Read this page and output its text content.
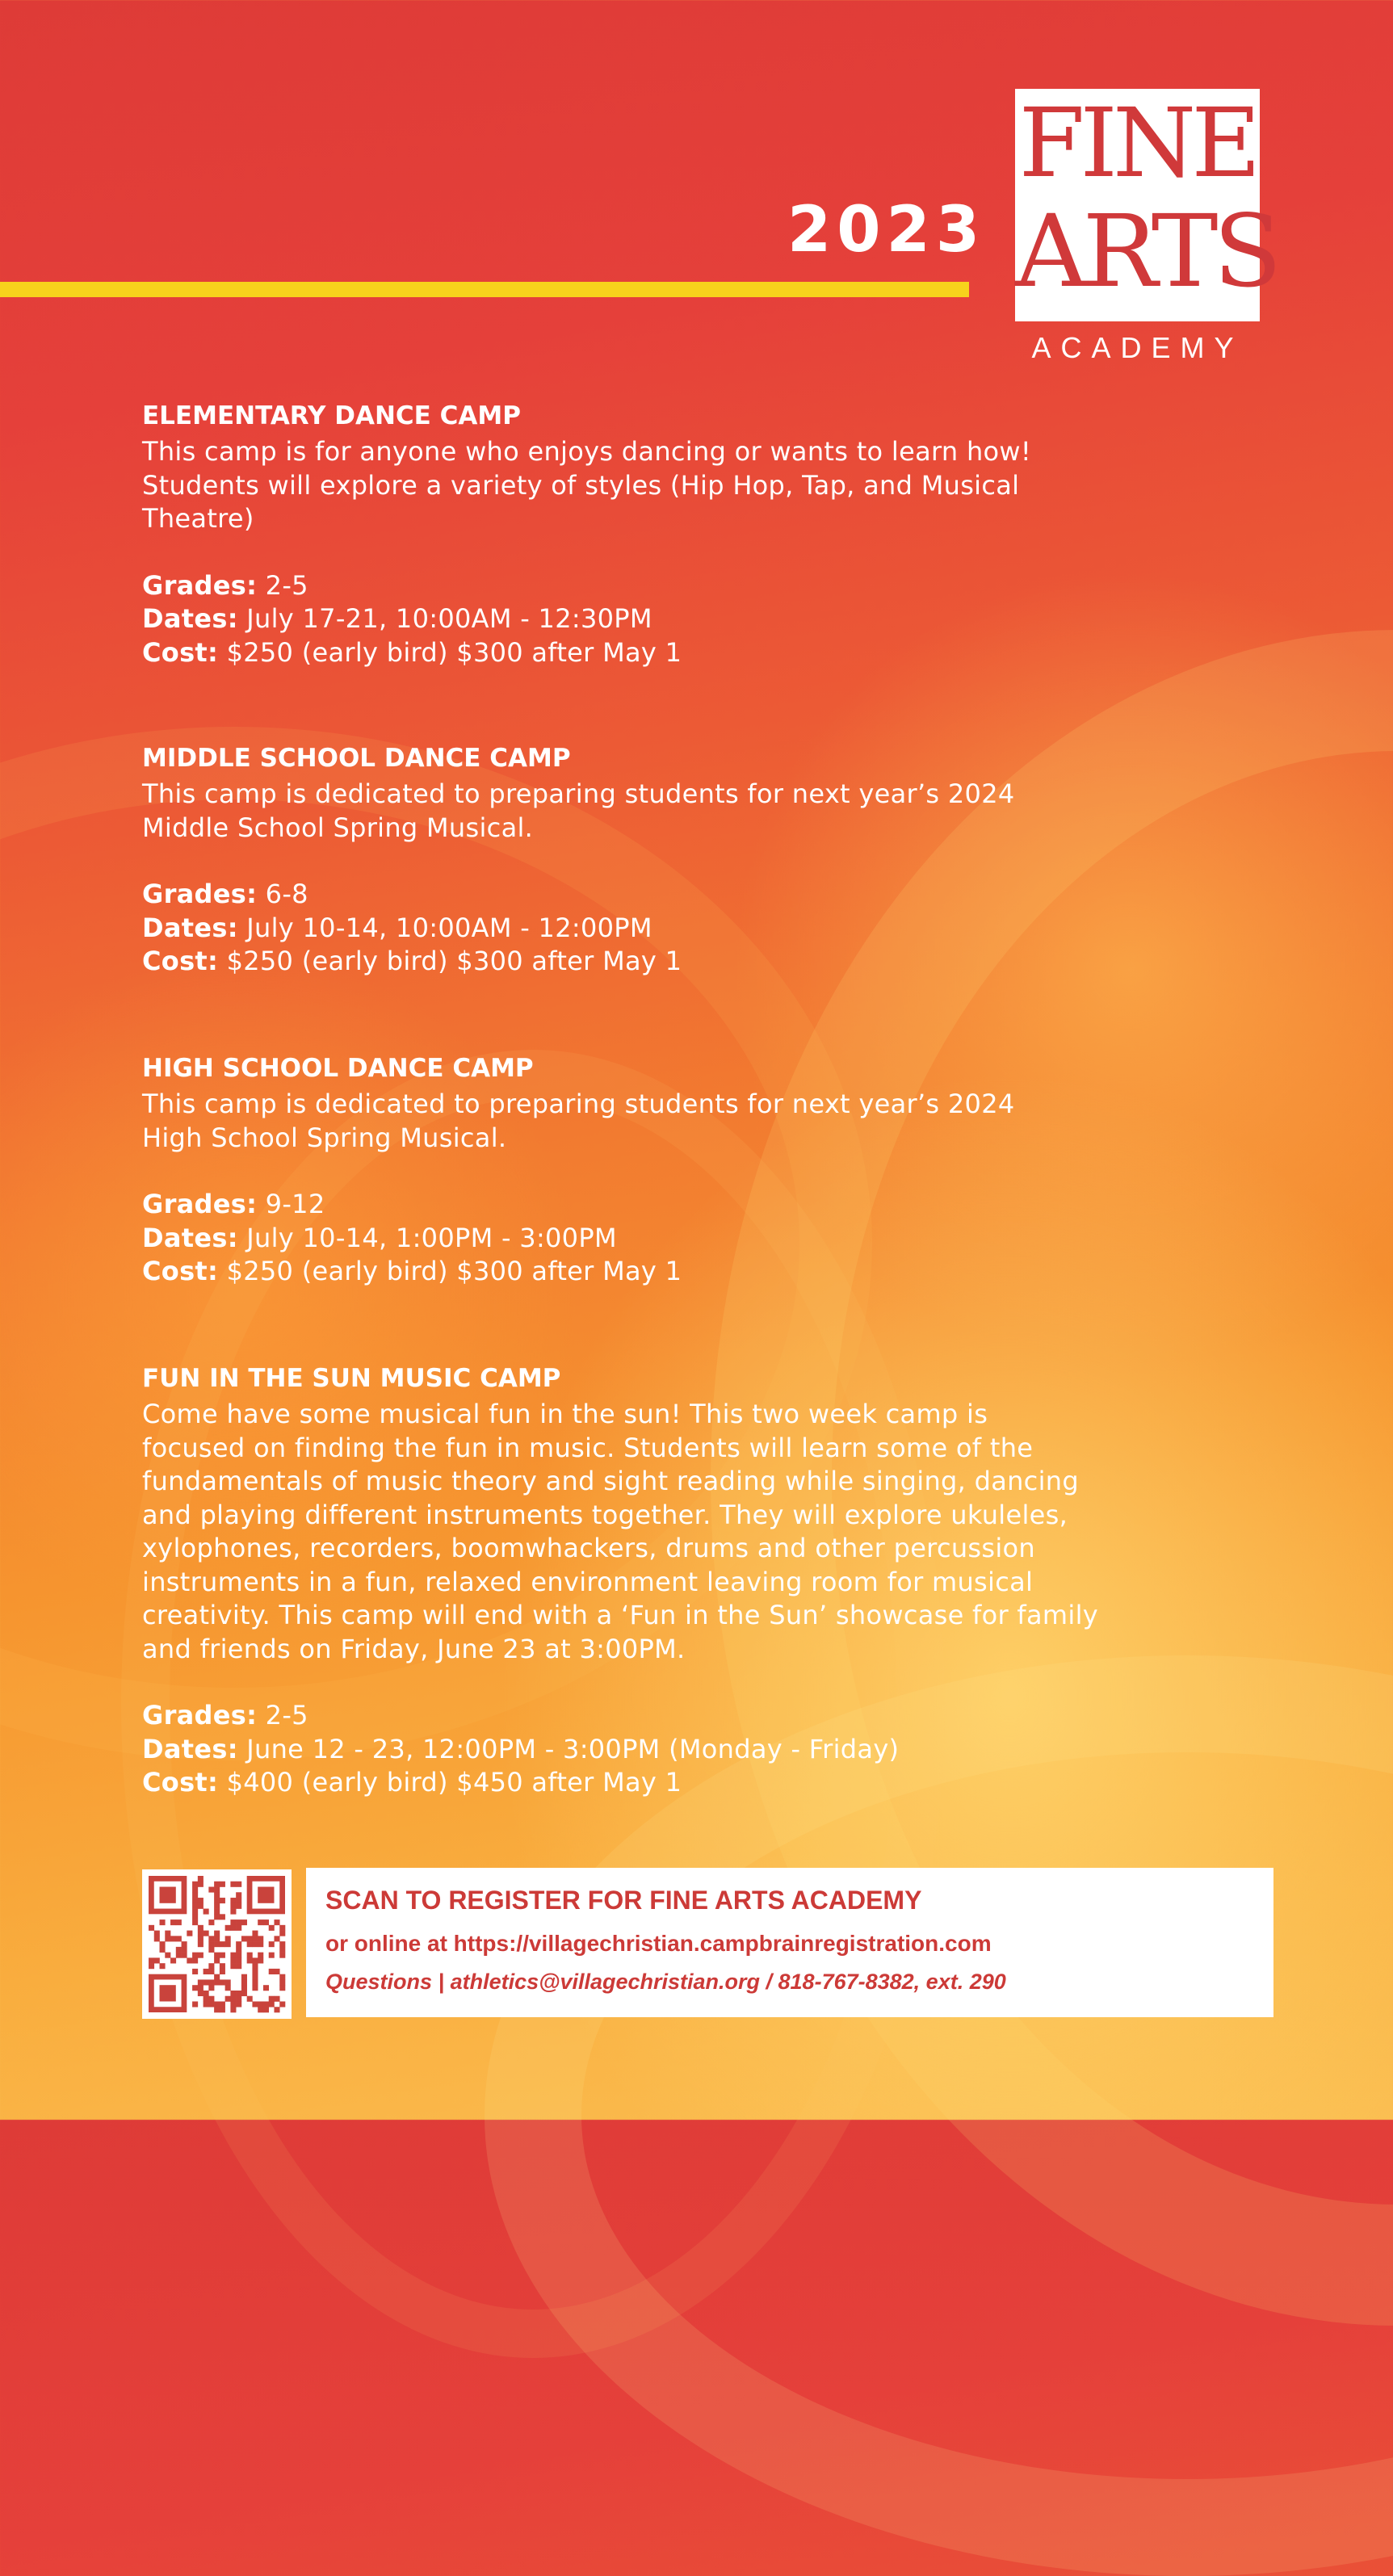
2023
FINE
ARTS
ACADEMY
ELEMENTARY DANCE CAMP
This camp is for anyone who enjoys dancing or wants to learn how!
Students will explore a variety of styles (Hip Hop, Tap, and Musical
Theatre)
Grades: 2-5
Dates: July 17-21, 10:00AM - 12:30PM
Cost: $250 (early bird) $300 after May 1
MIDDLE SCHOOL DANCE CAMP
This camp is dedicated to preparing students for next year’s 2024
Middle School Spring Musical.
Grades: 6-8
Dates: July 10-14, 10:00AM - 12:00PM
Cost: $250 (early bird) $300 after May 1
HIGH SCHOOL DANCE CAMP
This camp is dedicated to preparing students for next year’s 2024
High School Spring Musical.
Grades: 9-12
Dates: July 10-14, 1:00PM - 3:00PM
Cost: $250 (early bird) $300 after May 1
FUN IN THE SUN MUSIC CAMP
Come have some musical fun in the sun! This two week camp is
focused on finding the fun in music. Students will learn some of the
fundamentals of music theory and sight reading while singing, dancing
and playing different instruments together. They will explore ukuleles,
xylophones, recorders, boomwhackers, drums and other percussion
instruments in a fun, relaxed environment leaving room for musical
creativity. This camp will end with a ‘Fun in the Sun’ showcase for family
and friends on Friday, June 23 at 3:00PM.
Grades: 2-5
Dates: June 12 - 23, 12:00PM - 3:00PM (Monday - Friday)
Cost: $400 (early bird) $450 after May 1
SCAN TO REGISTER FOR FINE ARTS ACADEMY
or online at https://villagechristian.campbrainregistration.com
Questions | athletics@villagechristian.org / 818-767-8382, ext. 290
